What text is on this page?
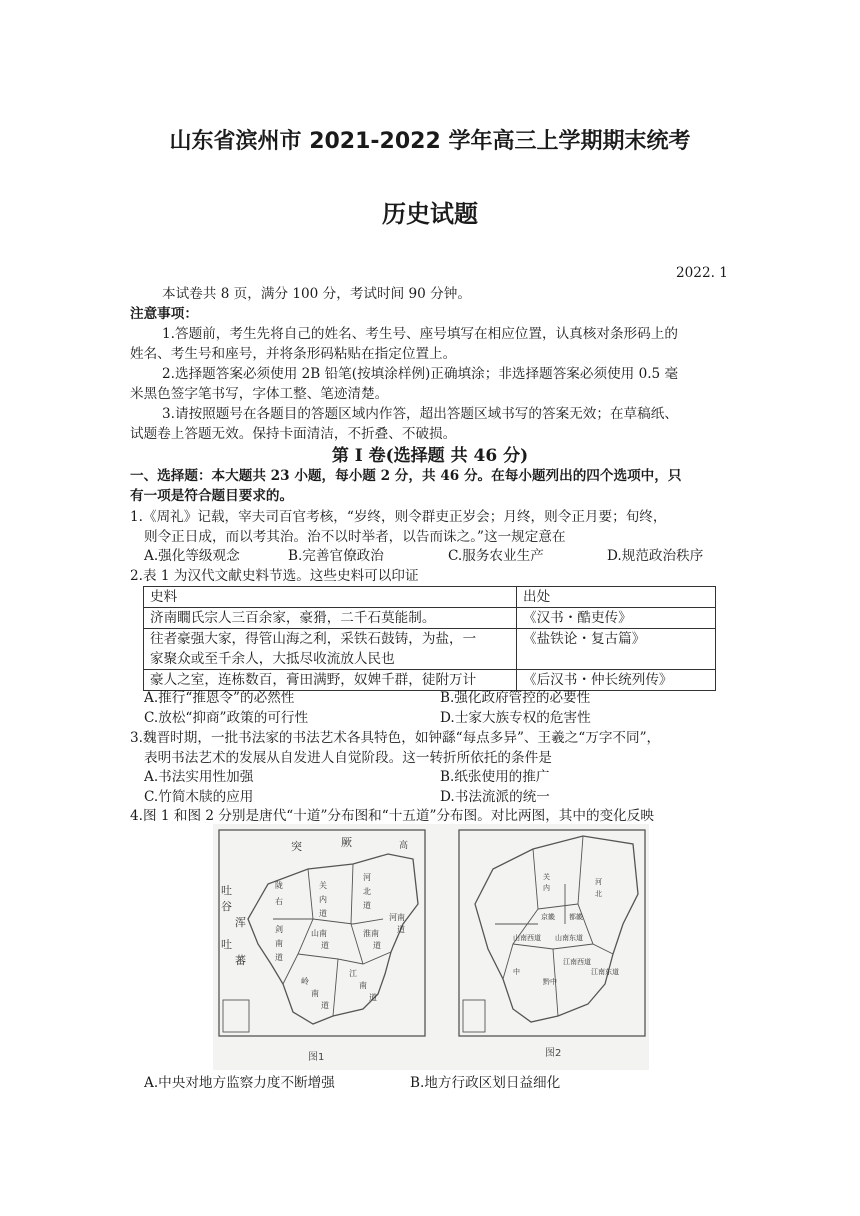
山东省滨州市 2021-2022 学年高三上学期期末统考
历史试题
2022. 1
本试卷共 8 页，满分 100 分，考试时间 90 分钟。
注意事项：
1.答题前，考生先将自己的姓名、考生号、座号填写在相应位置，认真核对条形码上的
姓名、考生号和座号，并将条形码粘贴在指定位置上。
2.选择题答案必须使用 2B 铅笔(按填涂样例)正确填涂；非选择题答案必须使用 0.5 毫
米黑色签字笔书写，字体工整、笔迹清楚。
3.请按照题号在各题目的答题区域内作答，超出答题区域书写的答案无效；在草稿纸、
试题卷上答题无效。保持卡面清洁，不折叠、不破损。
第 I 卷(选择题 共 46 分)
一、选择题：本大题共 23 小题，每小题 2 分，共 46 分。在每小题列出的四个选项中，只
有一项是符合题目要求的。
1.《周礼》记载，宰夫司百官考核，“岁终，则令群吏正岁会；月终，则令正月要；旬终，
则令正日成，而以考其治。治不以时举者，以告而诛之。”这一规定意在
A.强化等级观念	B.完善官僚政治	C.服务农业生产	D.规范政治秩序
2.表 1 为汉代文献史料节选。这些史料可以印证
史料	出处
济南瞯氏宗人三百余家，豪猾，二千石莫能制。	《汉书・酷吏传》
往者豪强大家，得管山海之利，采铁石鼓铸，为盐，一
家聚众或至千余人，大抵尽收流放人民也	《盐铁论・复古篇》
豪人之室，连栋数百，膏田满野，奴婢千群，徒附万计	《后汉书・仲长统列传》
A.推行“推恩令”的必然性	B.强化政府管控的必要性
C.放松“抑商”政策的可行性	D.士家大族专权的危害性
3.魏晋时期，一批书法家的书法艺术各具特色，如钟繇“每点多异”、王羲之“万字不同”，
表明书法艺术的发展从自发进人自觉阶段。这一转折所依托的条件是
A.书法实用性加强	B.纸张使用的推广
C.竹简木牍的应用	D.书法流派的统一
4.图 1 和图 2 分别是唐代“十道”分布图和“十五道”分布图。对比两图，其中的变化反映
突	厥	高
吐
谷
浑
吐
蕃
陇
右
关
内
道
河
北
道
山南
道
剑
南
道
江
南
道
岭
南
道
淮南
道
河南
道
京畿 都畿
黔中
山南东道
山南西道
江南东道
江南西道
关
内
河
北
中
图1	图2
A.中央对地方监察力度不断增强	B.地方行政区划日益细化
